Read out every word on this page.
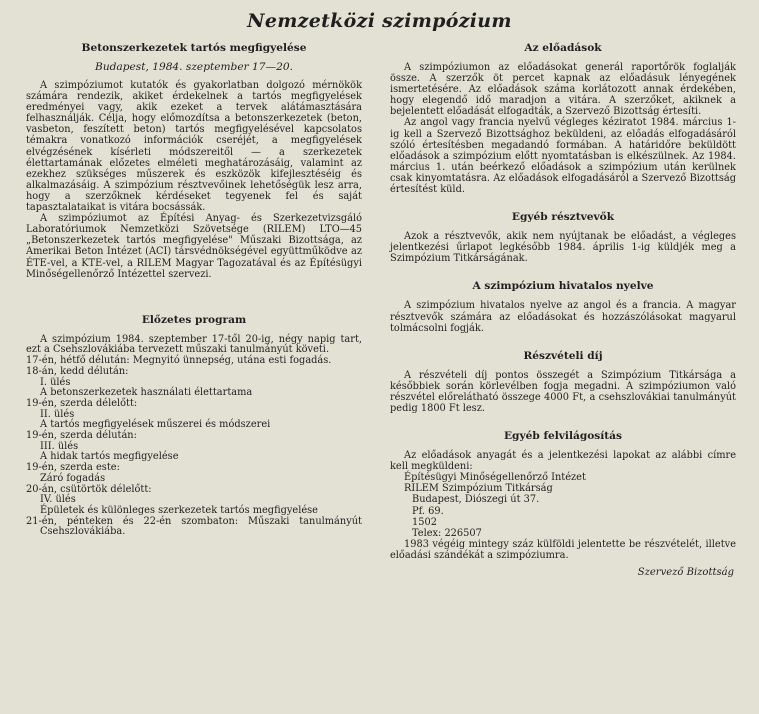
Nemzetközi szimpózium
Betonszerkezetek tartós megfigyelése
Budapest, 1984. szeptember 17—20.

A szimpóziumot kutatók és gyakorlatban dolgozó mérnökök számára rendezik, akiket érdekelnek a tartós megfigyelések eredményei vagy, akik ezeket a tervek alátámasztására felhasználják. Célja, hogy előmozdítsa a betonszerkezetek (beton, vasbeton, feszített beton) tartós megfigyelésével kapcsolatos témakra vonatkozó információk cseréjét, a megfigyelések elvégzésének kísérleti módszereitől — a szerkezetek élettartamának előzetes elméleti meghatározásáig, valamint az ezekhez szükséges műszerek és eszközök kifejlesztéséig és alkalmazásáig. A szimpózium résztvevőinek lehetőségük lesz arra, hogy a szerzőknek kérdéseket tegyenek fel és saját tapasztalataikat is vitára bocsássák.

A szimpóziumot az Építési Anyag- és Szerkezetvizsgáló Laboratóriumok Nemzetközi Szövetsége (RILEM) LTO—45 „Betonszerkezetek tartós megfigyelése" Műszaki Bizottsága, az Amerikai Beton Intézet (ACI) társvédnökségével együttműködve az ÉTE-vel, a KTE-vel, a RILEM Magyar Tagozatával és az Építésügyi Minőségellenőrző Intézettel szervezi.

Előzetes program
A szimpózium 1984. szeptember 17-től 20-ig, négy napig tart, ezt a Csehszlovákiába tervezett műszaki tanulmányút követi.
17-én, hétfő délután: Megnyitó ünnepség, utána esti fogadás.
18-án, kedd délután:
I. ülés
A betonszerkezetek használati élettartama
19-én, szerda délelőtt:
II. ülés
A tartós megfigyelések műszerei és módszerei
19-én, szerda délután:
III. ülés
A hidak tartós megfigyelése
19-én, szerda este:
Záró fogadás
20-án, csütörtök délelőtt:
IV. ülés
Épületek és különleges szerkezetek tartós megfigyelése
21-én, pénteken és 22-én szombaton: Műszaki tanulmányút Csehszlovákiába.
Az előadások

A szimpóziumon az előadásokat generál raportőrök foglalják össze. A szerzők öt percet kapnak az előadásuk lényegének ismertetésére. Az előadások száma korlátozott annak érdekében, hogy elegendő idő maradjon a vitára. A szerzőket, akiknek a bejelentett előadását elfogadták, a Szervező Bizottság értesíti.

Az angol vagy francia nyelvű végleges kéziratot 1984. március 1-ig kell a Szervező Bizottsághoz beküldeni, az előadás elfogadásáról szóló értesítésben megadandó formában. A határidőre beküldött előadások a szimpózium előtt nyomtatásban is elkészülnek. Az 1984. március 1. után beérkező előadások a szimpózium után kerülnek csak kinyomtatásra. Az előadások elfogadásáról a Szervező Bizottság értesítést küld.

Egyéb résztvevők

Azok a résztvevők, akik nem nyújtanak be előadást, a végleges jelentkezési űrlapot legkésőbb 1984. április 1-ig küldjék meg a Szimpózium Titkárságának.

A szimpózium hivatalos nyelve

A szimpózium hivatalos nyelve az angol és a francia. A magyar résztvevők számára az előadásokat és hozzászólásokat magyarul tolmácsolni fogják.

Részvételi díj

A részvételi díj pontos összegét a Szimpózium Titkársága a későbbiek során körlevélben fogja megadni. A szimpóziumon való részvétel előrelátható összege 4000 Ft, a csehszlovákiai tanulmányút pedig 1800 Ft lesz.

Egyéb felvilágosítás

Az előadások anyagát és a jelentkezési lapokat az alábbi címre kell megküldeni:

Építésügyi Minőségellenőrző Intézet
RILEM Szimpózium Titkárság
Budapest, Diószegi út 37.
Pf. 69.
1502
Telex: 226507

1983 végéig mintegy száz külföldi jelentette be részvételét, illetve előadási szándékát a szimpóziumra.

Szervező Bizottság
